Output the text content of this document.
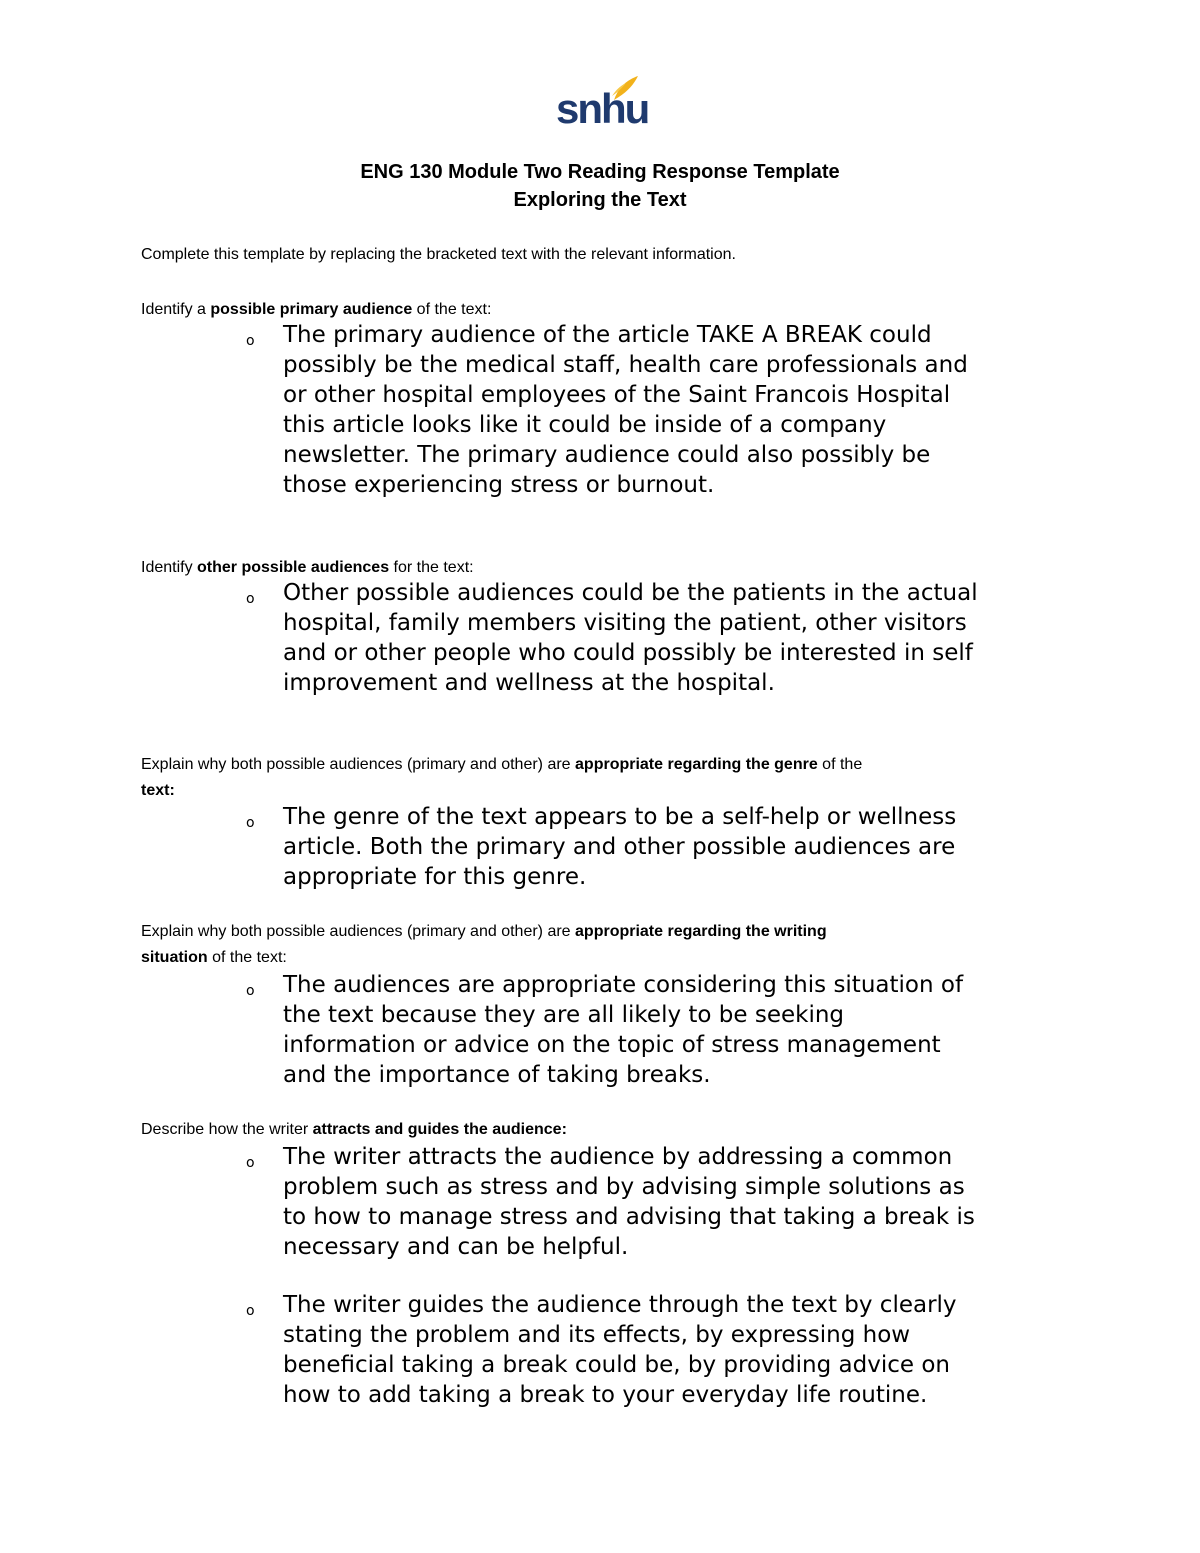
snhu
ENG 130 Module Two Reading Response Template
Exploring the Text
Complete this template by replacing the bracketed text with the relevant information.
Identify a possible primary audience of the text:
o The primary audience of the article TAKE A BREAK could
possibly be the medical staff, health care professionals and
or other hospital employees of the Saint Francois Hospital
this article looks like it could be inside of a company
newsletter. The primary audience could also possibly be
those experiencing stress or burnout.
Identify other possible audiences for the text:
o Other possible audiences could be the patients in the actual
hospital, family members visiting the patient, other visitors
and or other people who could possibly be interested in self
improvement and wellness at the hospital.
Explain why both possible audiences (primary and other) are appropriate regarding the genre of the
text:
o The genre of the text appears to be a self-help or wellness
article. Both the primary and other possible audiences are
appropriate for this genre.
Explain why both possible audiences (primary and other) are appropriate regarding the writing
situation of the text:
o The audiences are appropriate considering this situation of
the text because they are all likely to be seeking
information or advice on the topic of stress management
and the importance of taking breaks.
Describe how the writer attracts and guides the audience:
o The writer attracts the audience by addressing a common
problem such as stress and by advising simple solutions as
to how to manage stress and advising that taking a break is
necessary and can be helpful.
o The writer guides the audience through the text by clearly
stating the problem and its effects, by expressing how
beneficial taking a break could be, by providing advice on
how to add taking a break to your everyday life routine.
